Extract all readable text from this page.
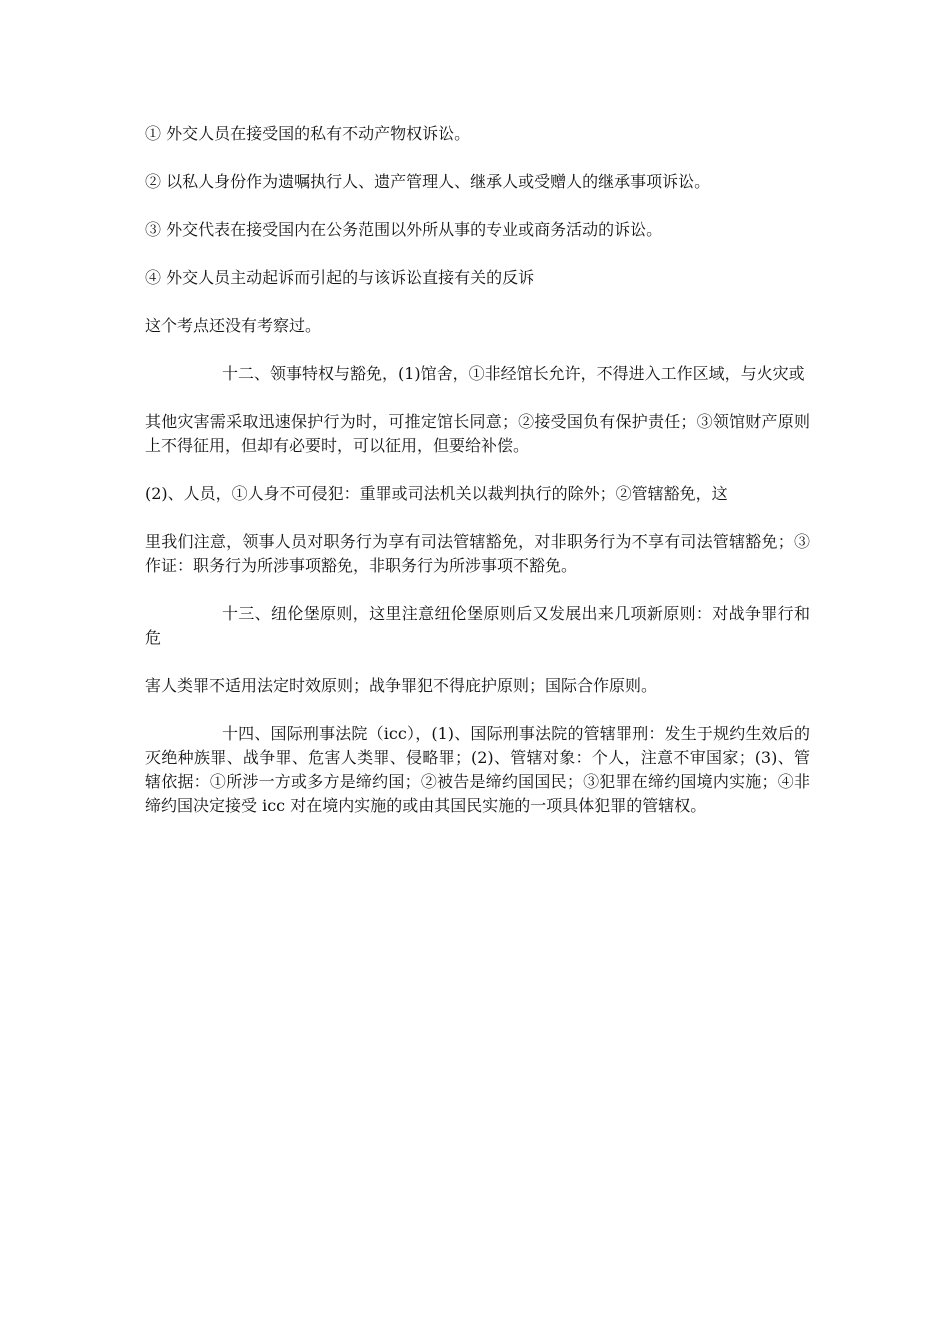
① 外交人员在接受国的私有不动产物权诉讼。

② 以私人身份作为遗嘱执行人、遗产管理人、继承人或受赠人的继承事项诉讼。

③ 外交代表在接受国内在公务范围以外所从事的专业或商务活动的诉讼。

④ 外交人员主动起诉而引起的与该诉讼直接有关的反诉

这个考点还没有考察过。

十二、领事特权与豁免，(1)馆舍，①非经馆长允许，不得进入工作区域，与火灾或

其他灾害需采取迅速保护行为时，可推定馆长同意；②接受国负有保护责任；③领馆财产原则上不得征用，但却有必要时，可以征用，但要给补偿。

(2)、人员，①人身不可侵犯：重罪或司法机关以裁判执行的除外；②管辖豁免，这

里我们注意，领事人员对职务行为享有司法管辖豁免，对非职务行为不享有司法管辖豁免；③作证：职务行为所涉事项豁免，非职务行为所涉事项不豁免。

十三、纽伦堡原则，这里注意纽伦堡原则后又发展出来几项新原则：对战争罪行和危

害人类罪不适用法定时效原则；战争罪犯不得庇护原则；国际合作原则。

十四、国际刑事法院（icc），(1)、国际刑事法院的管辖罪刑：发生于规约生效后的灭绝种族罪、战争罪、危害人类罪、侵略罪；(2)、管辖对象：个人，注意不审国家；(3)、管辖依据：①所涉一方或多方是缔约国；②被告是缔约国国民；③犯罪在缔约国境内实施；④非缔约国决定接受 icc 对在境内实施的或由其国民实施的一项具体犯罪的管辖权。
